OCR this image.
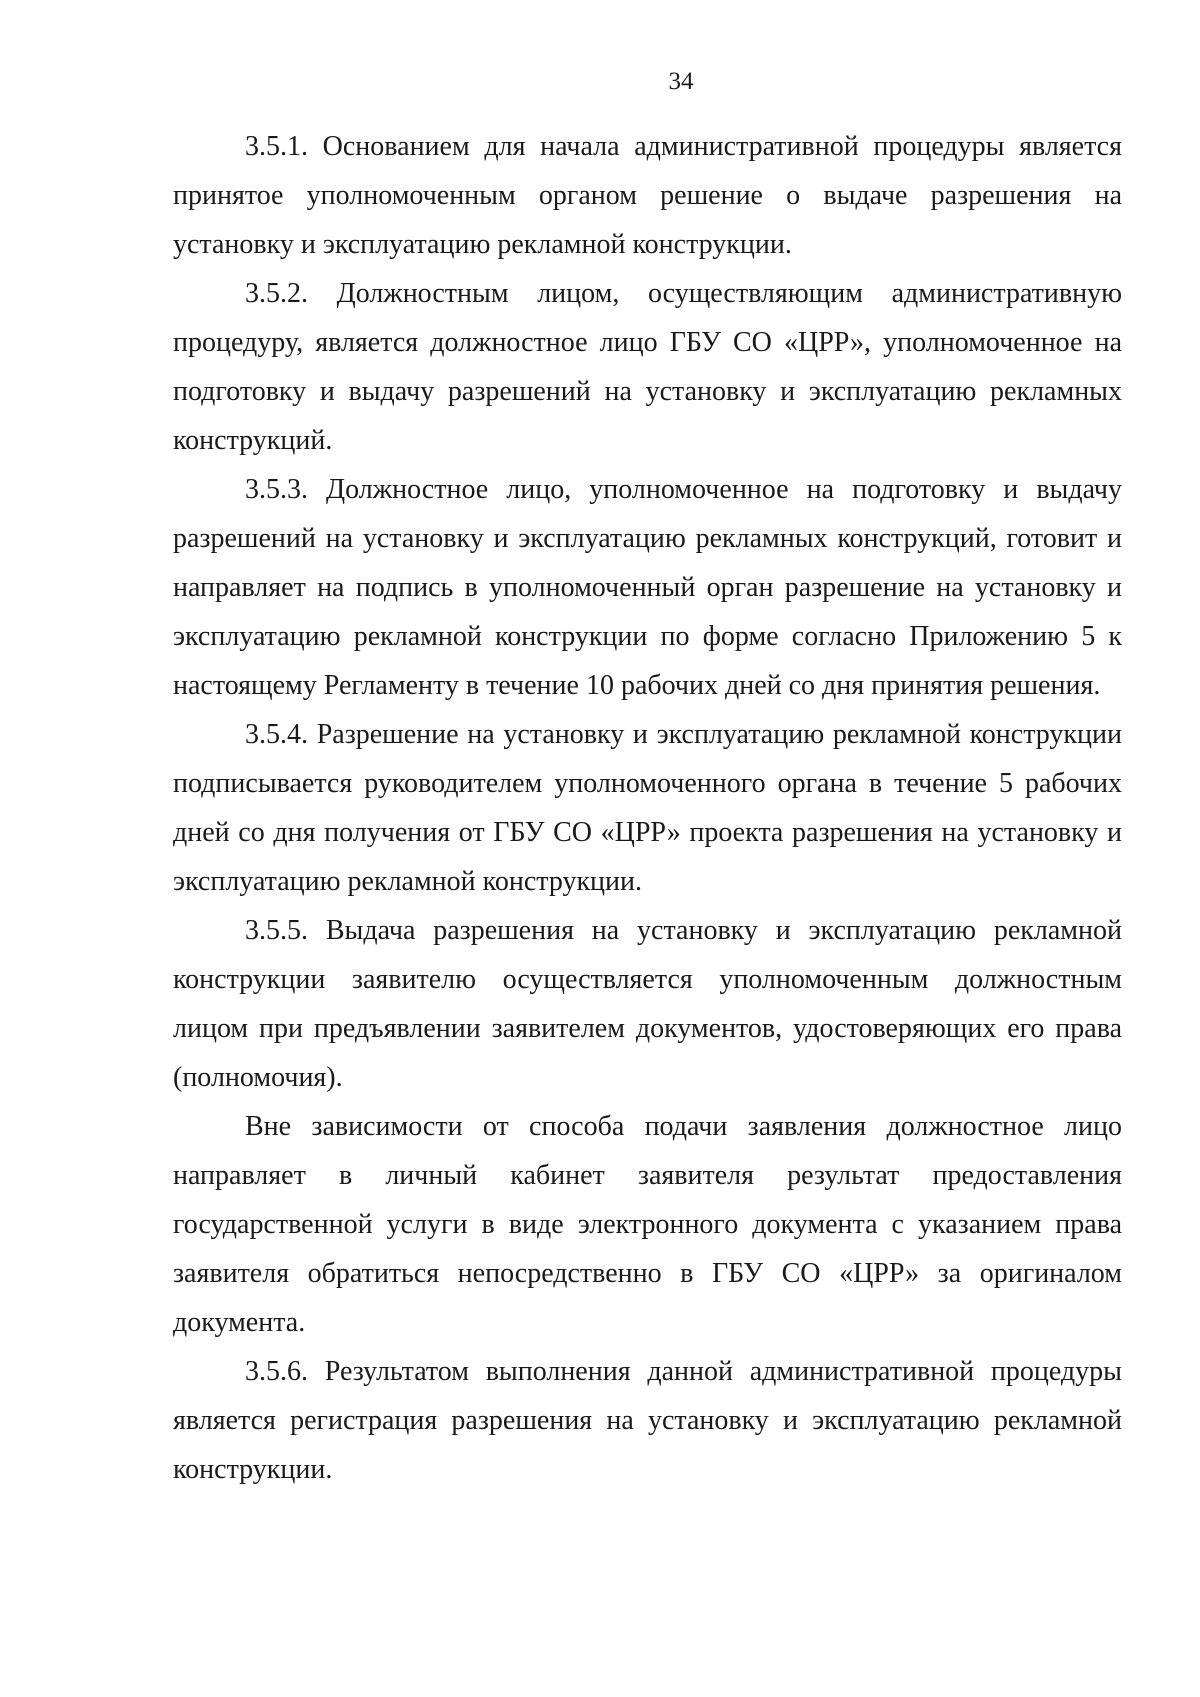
34

3.5.1. Основанием для начала административной процедуры является принятое уполномоченным органом решение о выдаче разрешения на установку и эксплуатацию рекламной конструкции.

3.5.2. Должностным лицом, осуществляющим административную процедуру, является должностное лицо ГБУ СО «ЦРР», уполномоченное на подготовку и выдачу разрешений на установку и эксплуатацию рекламных конструкций.

3.5.3. Должностное лицо, уполномоченное на подготовку и выдачу разрешений на установку и эксплуатацию рекламных конструкций, готовит и направляет на подпись в уполномоченный орган разрешение на установку и эксплуатацию рекламной конструкции по форме согласно Приложению 5 к настоящему Регламенту в течение 10 рабочих дней со дня принятия решения.

3.5.4. Разрешение на установку и эксплуатацию рекламной конструкции подписывается руководителем уполномоченного органа в течение 5 рабочих дней со дня получения от ГБУ СО «ЦРР» проекта разрешения на установку и эксплуатацию рекламной конструкции.

3.5.5. Выдача разрешения на установку и эксплуатацию рекламной конструкции заявителю осуществляется уполномоченным должностным лицом при предъявлении заявителем документов, удостоверяющих его права (полномочия).

Вне зависимости от способа подачи заявления должностное лицо направляет в личный кабинет заявителя результат предоставления государственной услуги в виде электронного документа с указанием права заявителя обратиться непосредственно в ГБУ СО «ЦРР» за оригиналом документа.

3.5.6. Результатом выполнения данной административной процедуры является регистрация разрешения на установку и эксплуатацию рекламной конструкции.
